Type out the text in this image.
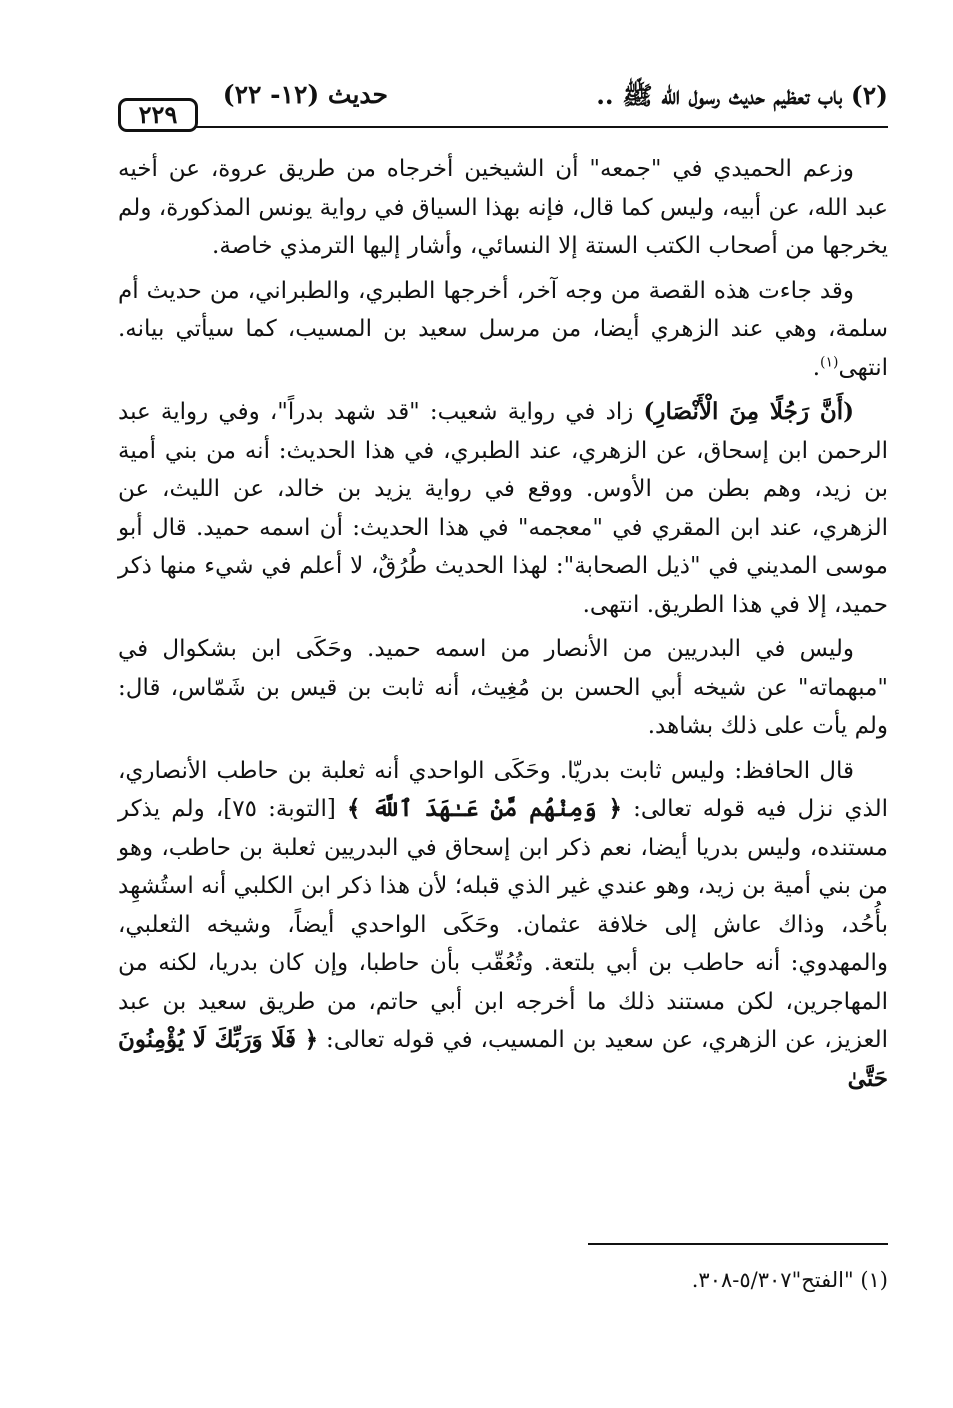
(٢) باب تعظيم حديث رسول الله ﷺ ..
حديث (١٢- ٢٢)
٢٢٩

وزعم الحميدي في "جمعه" أن الشيخين أخرجاه من طريق عروة، عن أخيه عبد الله، عن أبيه، وليس كما قال، فإنه بهذا السياق في رواية يونس المذكورة، ولم يخرجها من أصحاب الكتب الستة إلا النسائي، وأشار إليها الترمذي خاصة.

وقد جاءت هذه القصة من وجه آخر، أخرجها الطبري، والطبراني، من حديث أم سلمة، وهي عند الزهري أيضا، من مرسل سعيد بن المسيب، كما سيأتي بيانه. انتهى$^{(١)}$.

(أَنَّ رَجُلًا مِنَ الْأَنْصَارِ) زاد في رواية شعيب: "قد شهد بدراً"، وفي رواية عبد الرحمن ابن إسحاق، عن الزهري، عند الطبري، في هذا الحديث: أنه من بني أمية بن زيد، وهم بطن من الأوس. ووقع في رواية يزيد بن خالد، عن الليث، عن الزهري، عند ابن المقري في "معجمه" في هذا الحديث: أن اسمه حميد. قال أبو موسى المديني في "ذيل الصحابة": لهذا الحديث طُرُقٌ، لا أعلم في شيء منها ذكر حميد، إلا في هذا الطريق. انتهى.

وليس في البدريين من الأنصار من اسمه حميد. وحَكَى ابن بشكوال في "مبهماته" عن شيخه أبي الحسن بن مُغِيث، أنه ثابت بن قيس بن شَمّاس، قال: ولم يأت على ذلك بشاهد.

قال الحافظ: وليس ثابت بدريّا. وحَكَى الواحدي أنه ثعلبة بن حاطب الأنصاري، الذي نزل فيه قوله تعالى: ﴿ وَمِنْهُم مَّنْ عَـٰهَدَ ٱللَّهَ ﴾ [التوبة: ٧٥]، ولم يذكر مستنده، وليس بدريا أيضا، نعم ذكر ابن إسحاق في البدريين ثعلبة بن حاطب، وهو من بني أمية بن زيد، وهو عندي غير الذي قبله؛ لأن هذا ذكر ابن الكلبي أنه استُشهِد بأُحُد، وذاك عاش إلى خلافة عثمان. وحَكَى الواحدي أيضاً، وشيخه الثعلبي، والمهدوي: أنه حاطب بن أبي بلتعة. وتُعُقّب بأن حاطبا، وإن كان بدريا، لكنه من المهاجرين، لكن مستند ذلك ما أخرجه ابن أبي حاتم، من طريق سعيد بن عبد العزيز، عن الزهري، عن سعيد بن المسيب، في قوله تعالى: ﴿ فَلَا وَرَبِّكَ لَا يُؤْمِنُونَ حَتَّىٰ

(١) "الفتح"٥/٣٠٧-٣٠٨.
